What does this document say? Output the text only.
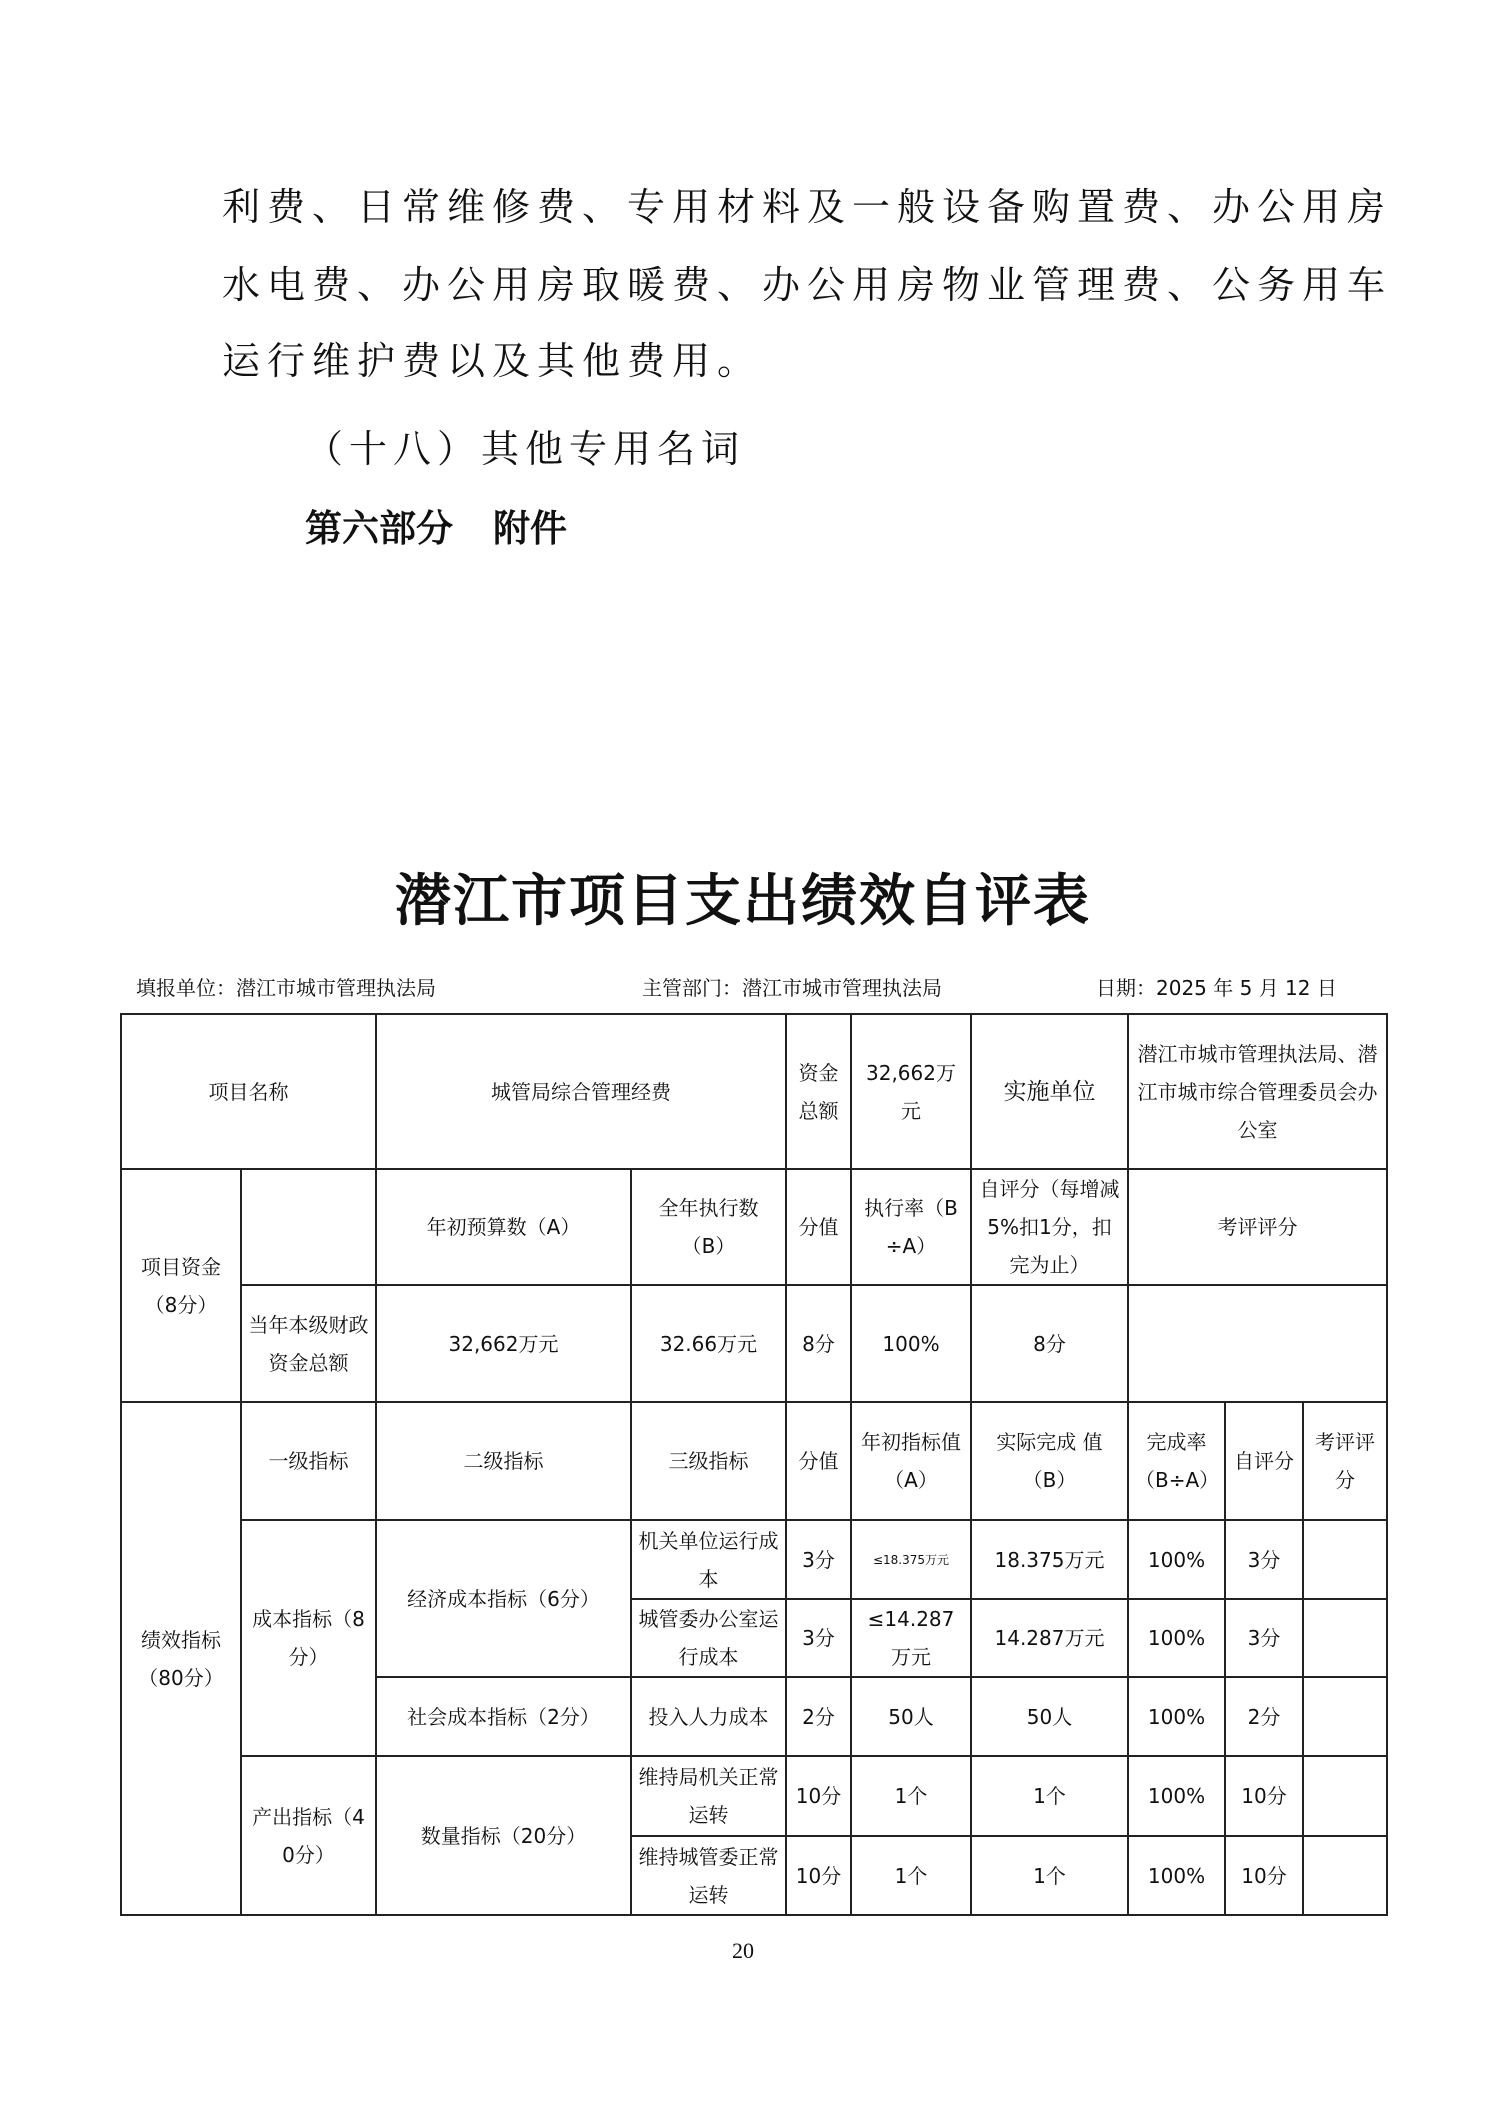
利费、日常维修费、专用材料及一般设备购置费、办公用房

水电费、办公用房取暖费、办公用房物业管理费、公务用车

运行维护费以及其他费用。

（十八）其他专用名词

第六部分 附件

潜江市项目支出绩效自评表

填报单位：潜江市城市管理执法局	主管部门：潜江市城市管理执法局	日期：2025 年 5 月 12 日

项目名称		城管局综合管理经费		资金总额	32,662万元	实施单位	潜江市城市管理执法局、潜江市城市综合管理委员会办公室		
项目资金（8分）		年初预算数（A）	全年执行数（B）	分值	执行率（B÷A）	自评分（每增减5%扣1分，扣完为止）	考评评分		
	当年本级财政资金总额	32,662万元	32.66万元	8分	100%	8分			
绩效指标（80分）	一级指标	二级指标	三级指标	分值	年初指标值（A）	实际完成 值（B）	完成率（B÷A）	自评分	考评评分
	成本指标（8分）	经济成本指标（6分）	机关单位运行成本	3分	≤18.375万元	18.375万元	100%	3分	
			城管委办公室运行成本	3分	≤14.287万元	14.287万元	100%	3分	
		社会成本指标（2分）	投入人力成本	2分	50人	50人	100%	2分	
	产出指标（40分）	数量指标（20分）	维持局机关正常运转	10分	1个	1个	100%	10分	
			维持城管委正常运转	10分	1个	1个	100%	10分	

20
